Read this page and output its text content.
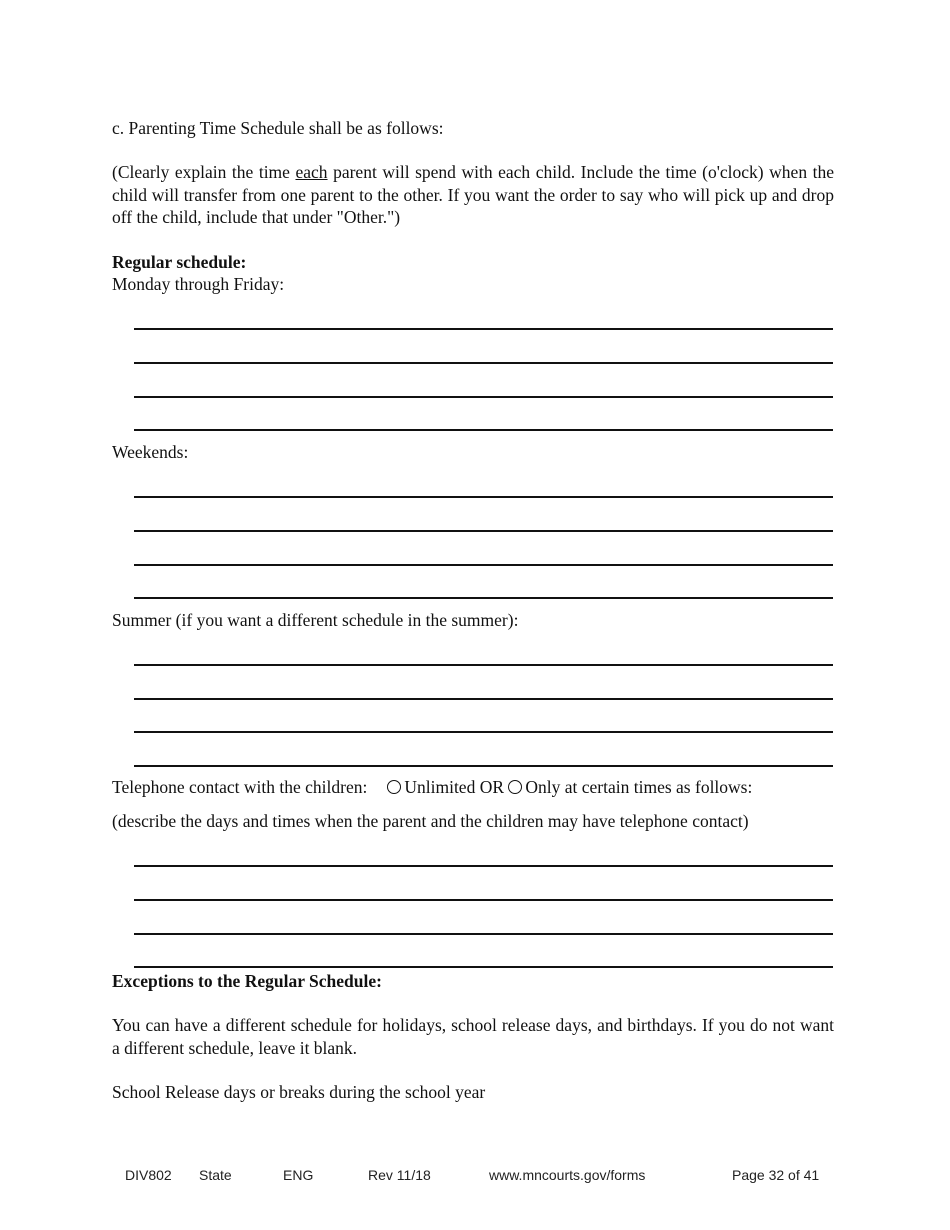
c. Parenting Time Schedule shall be as follows:
(Clearly explain the time each parent will spend with each child. Include the time (o'clock) when the child will transfer from one parent to the other. If you want the order to say who will pick up and drop off the child, include that under "Other.")
Regular schedule:
Monday through Friday:
Weekends:
Summer (if you want a different schedule in the summer):
Telephone contact with the children: Unlimited OR Only at certain times as follows:
(describe the days and times when the parent and the children may have telephone contact)
Exceptions to the Regular Schedule:
You can have a different schedule for holidays, school release days, and birthdays. If you do not want a different schedule, leave it blank.
School Release days or breaks during the school year
DIV802 State	ENG	Rev 11/18	www.mncourts.gov/forms	Page 32 of 41
